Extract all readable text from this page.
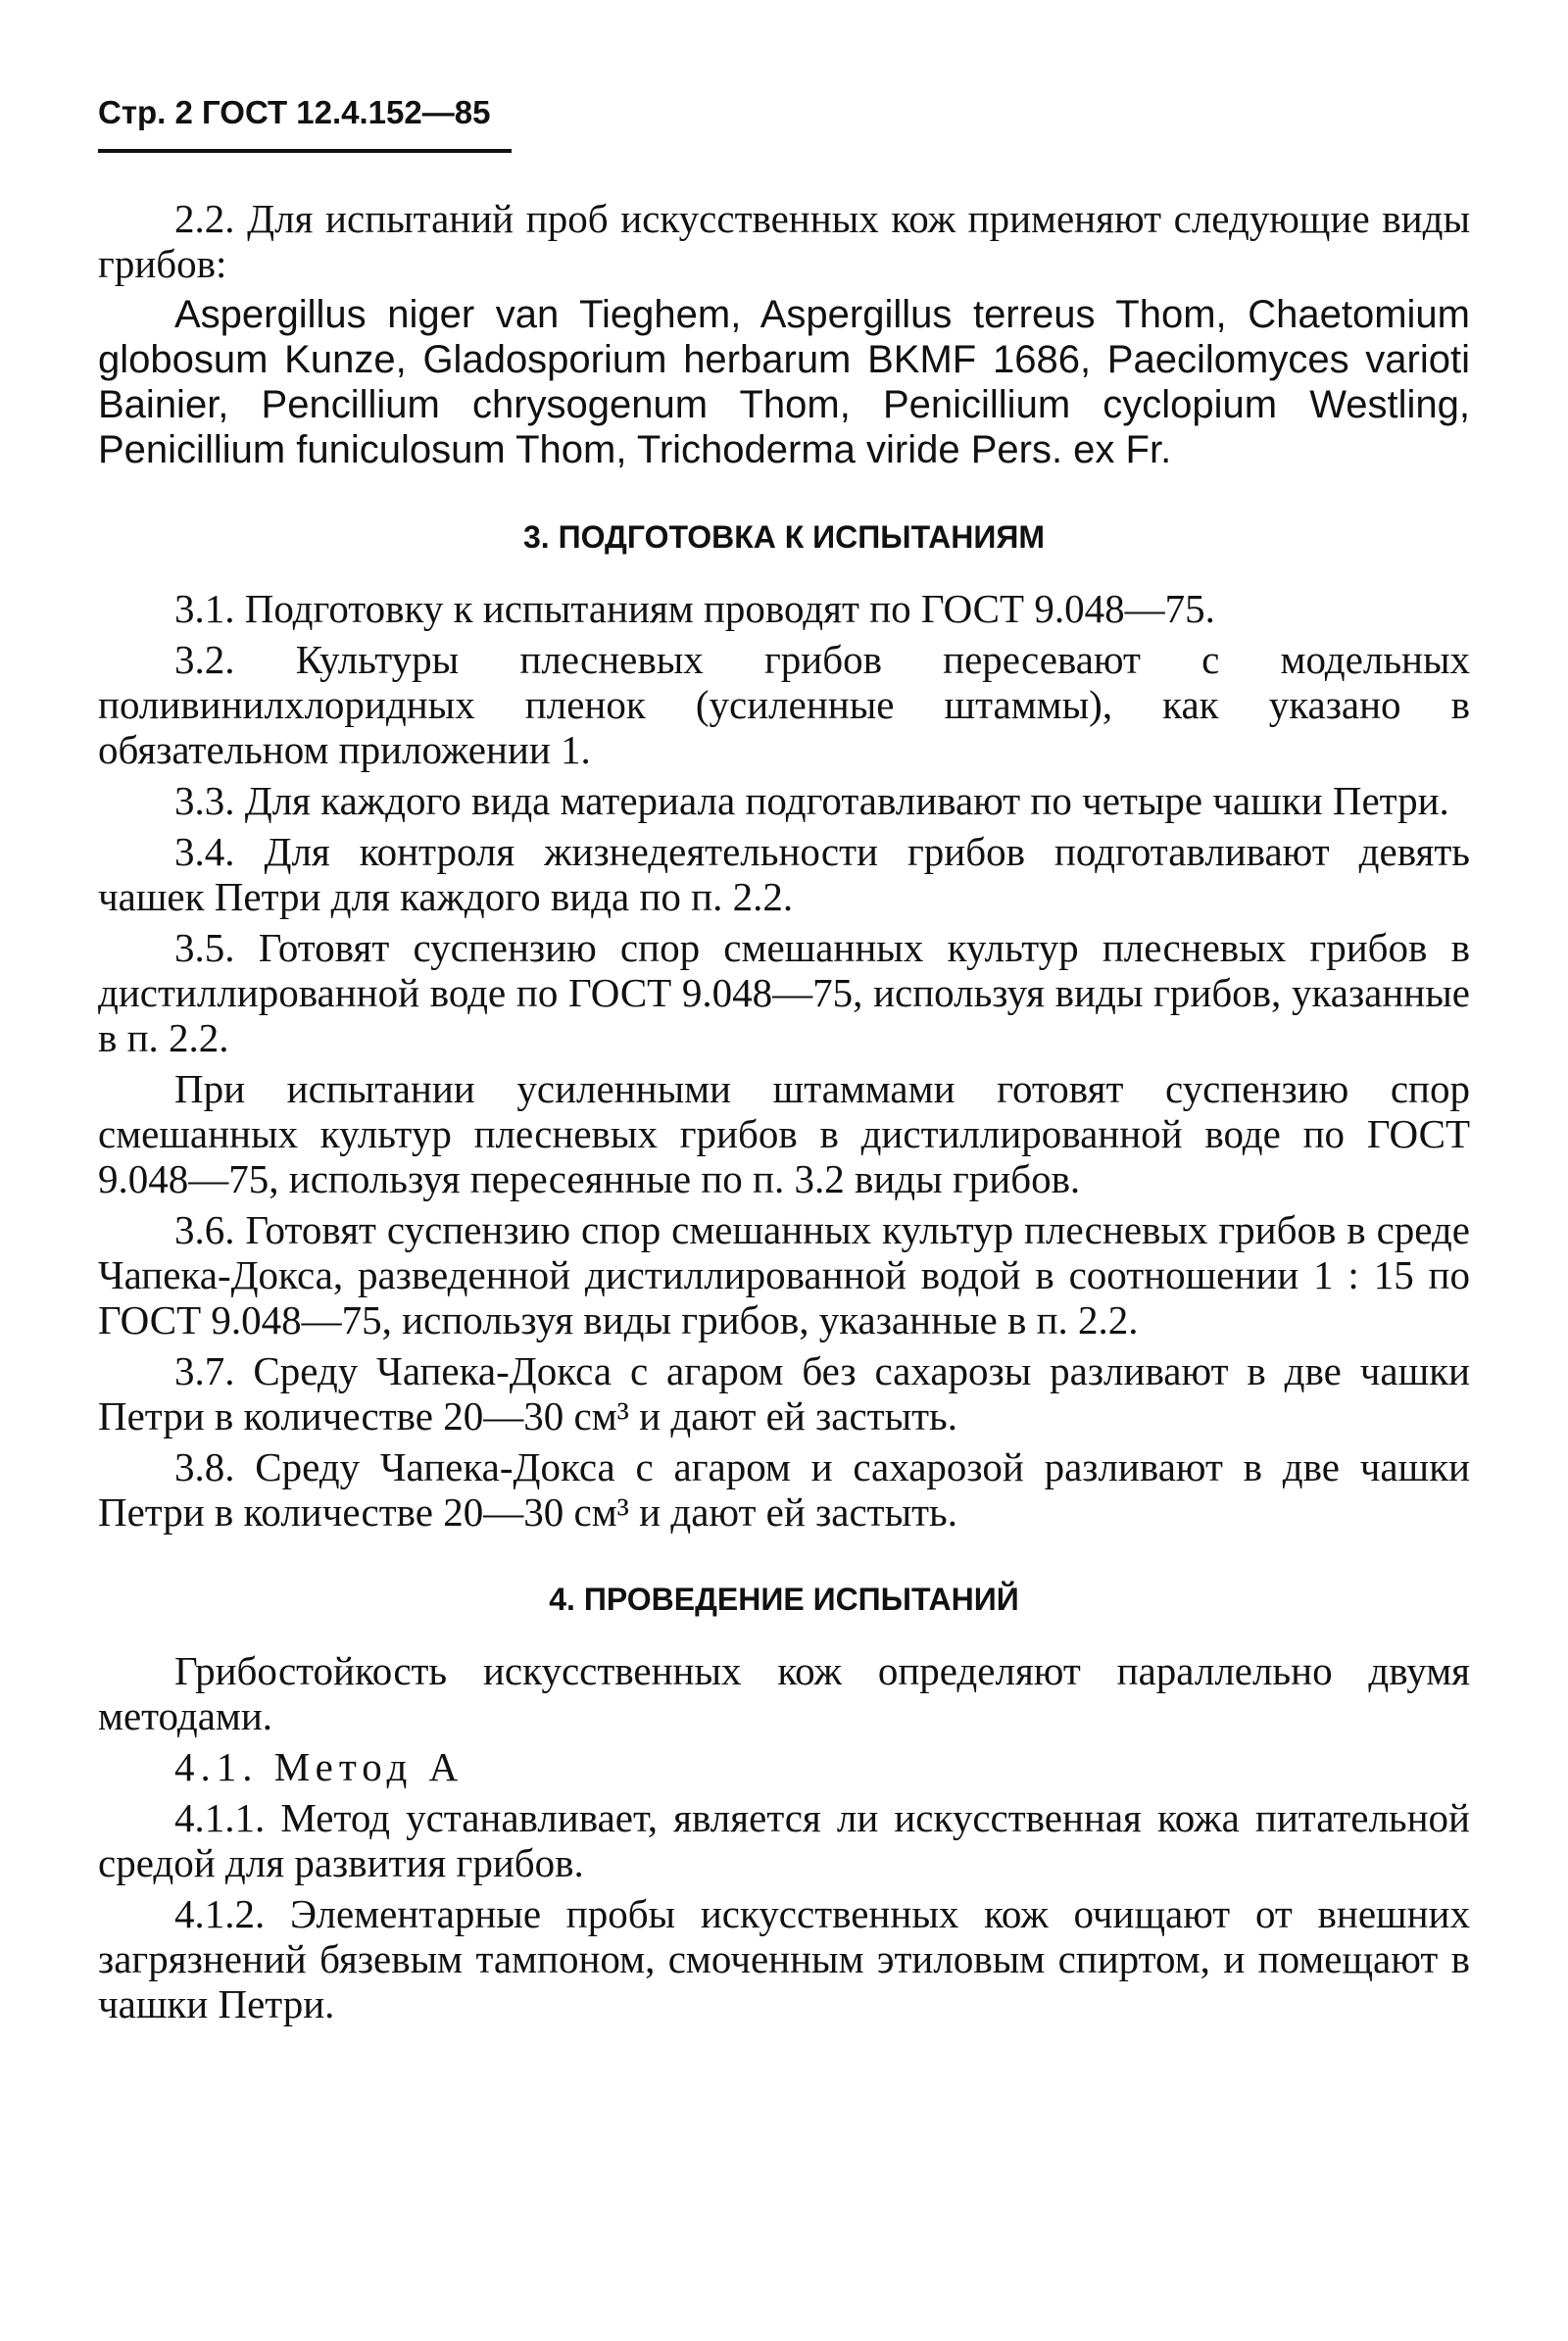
Стр. 2 ГОСТ 12.4.152—85

2.2. Для испытаний проб искусственных кож применяют следующие виды грибов:

Aspergillus niger van Tieghem, Aspergillus terreus Thom, Chaetomium globosum Kunze, Gladosporium herbarum BKMF 1686, Paecilomyces varioti Bainier, Pencillium chrysogenum Thom, Penicillium cyclopium Westling, Penicillium funiculosum Thom, Trichoderma viride Pers. ex Fr.

3. ПОДГОТОВКА К ИСПЫТАНИЯМ

3.1. Подготовку к испытаниям проводят по ГОСТ 9.048—75.

3.2. Культуры плесневых грибов пересевают с модельных поливинилхлоридных пленок (усиленные штаммы), как указано в обязательном приложении 1.

3.3. Для каждого вида материала подготавливают по четыре чашки Петри.

3.4. Для контроля жизнедеятельности грибов подготавливают девять чашек Петри для каждого вида по п. 2.2.

3.5. Готовят суспензию спор смешанных культур плесневых грибов в дистиллированной воде по ГОСТ 9.048—75, используя виды грибов, указанные в п. 2.2.

При испытании усиленными штаммами готовят суспензию спор смешанных культур плесневых грибов в дистиллированной воде по ГОСТ 9.048—75, используя пересеянные по п. 3.2 виды грибов.

3.6. Готовят суспензию спор смешанных культур плесневых грибов в среде Чапека-Докса, разведенной дистиллированной водой в соотношении 1 : 15 по ГОСТ 9.048—75, используя виды грибов, указанные в п. 2.2.

3.7. Среду Чапека-Докса с агаром без сахарозы разливают в две чашки Петри в количестве 20—30 см³ и дают ей застыть.

3.8. Среду Чапека-Докса с агаром и сахарозой разливают в две чашки Петри в количестве 20—30 см³ и дают ей застыть.

4. ПРОВЕДЕНИЕ ИСПЫТАНИЙ

Грибостойкость искусственных кож определяют параллельно двумя методами.

4.1. Метод А

4.1.1. Метод устанавливает, является ли искусственная кожа питательной средой для развития грибов.

4.1.2. Элементарные пробы искусственных кож очищают от внешних загрязнений бязевым тампоном, смоченным этиловым спиртом, и помещают в чашки Петри.
